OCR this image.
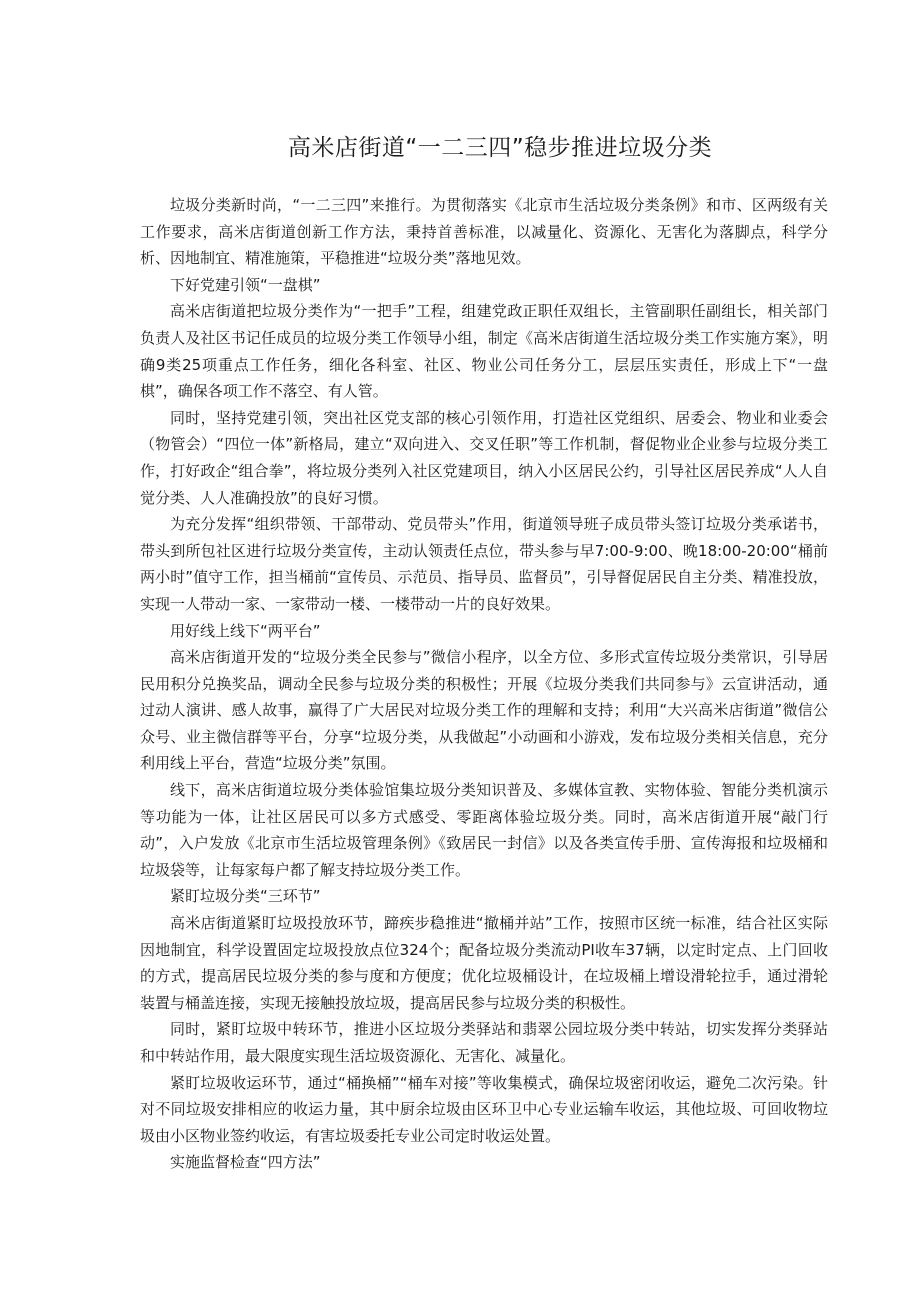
高米店街道“一二三四”稳步推进垃圾分类

垃圾分类新时尚，“一二三四”来推行。为贯彻落实《北京市生活垃圾分类条例》和市、区两级有关工作要求，高米店街道创新工作方法，秉持首善标准，以减量化、资源化、无害化为落脚点，科学分析、因地制宜、精准施策，平稳推进“垃圾分类”落地见效。

下好党建引领“一盘棋”

高米店街道把垃圾分类作为“一把手”工程，组建党政正职任双组长，主管副职任副组长，相关部门负责人及社区书记任成员的垃圾分类工作领导小组，制定《高米店街道生活垃圾分类工作实施方案》，明确9类25项重点工作任务，细化各科室、社区、物业公司任务分工，层层压实责任，形成上下“一盘棋”，确保各项工作不落空、有人管。

同时，坚持党建引领，突出社区党支部的核心引领作用，打造社区党组织、居委会、物业和业委会（物管会）“四位一体”新格局，建立“双向进入、交叉任职”等工作机制，督促物业企业参与垃圾分类工作，打好政企“组合拳”，将垃圾分类列入社区党建项目，纳入小区居民公约，引导社区居民养成“人人自觉分类、人人准确投放”的良好习惯。

为充分发挥“组织带领、干部带动、党员带头”作用，街道领导班子成员带头签订垃圾分类承诺书，带头到所包社区进行垃圾分类宣传，主动认领责任点位，带头参与早7:00-9:00、晚18:00-20:00“桶前两小时”值守工作，担当桶前“宣传员、示范员、指导员、监督员”，引导督促居民自主分类、精准投放，实现一人带动一家、一家带动一楼、一楼带动一片的良好效果。

用好线上线下“两平台”

高米店街道开发的“垃圾分类全民参与”微信小程序，以全方位、多形式宣传垃圾分类常识，引导居民用积分兑换奖品，调动全民参与垃圾分类的积极性；开展《垃圾分类我们共同参与》云宣讲活动，通过动人演讲、感人故事，赢得了广大居民对垃圾分类工作的理解和支持；利用“大兴高米店街道”微信公众号、业主微信群等平台，分享“垃圾分类，从我做起”小动画和小游戏，发布垃圾分类相关信息，充分利用线上平台，营造“垃圾分类”氛围。

线下，高米店街道垃圾分类体验馆集垃圾分类知识普及、多媒体宣教、实物体验、智能分类机演示等功能为一体，让社区居民可以多方式感受、零距离体验垃圾分类。同时，高米店街道开展“敲门行动”，入户发放《北京市生活垃圾管理条例》《致居民一封信》以及各类宣传手册、宣传海报和垃圾桶和垃圾袋等，让每家每户都了解支持垃圾分类工作。

紧盯垃圾分类“三环节”

高米店街道紧盯垃圾投放环节，蹄疾步稳推进“撤桶并站”工作，按照市区统一标准，结合社区实际因地制宜，科学设置固定垃圾投放点位324个；配备垃圾分类流动PI收车37辆，以定时定点、上门回收的方式，提高居民垃圾分类的参与度和方便度；优化垃圾桶设计，在垃圾桶上增设滑轮拉手，通过滑轮装置与桶盖连接，实现无接触投放垃圾，提高居民参与垃圾分类的积极性。

同时，紧盯垃圾中转环节，推进小区垃圾分类驿站和翡翠公园垃圾分类中转站，切实发挥分类驿站和中转站作用，最大限度实现生活垃圾资源化、无害化、减量化。

紧盯垃圾收运环节，通过“桶换桶”“桶车对接”等收集模式，确保垃圾密闭收运，避免二次污染。针对不同垃圾安排相应的收运力量，其中厨余垃圾由区环卫中心专业运输车收运，其他垃圾、可回收物垃圾由小区物业签约收运，有害垃圾委托专业公司定时收运处置。

实施监督检查“四方法”
